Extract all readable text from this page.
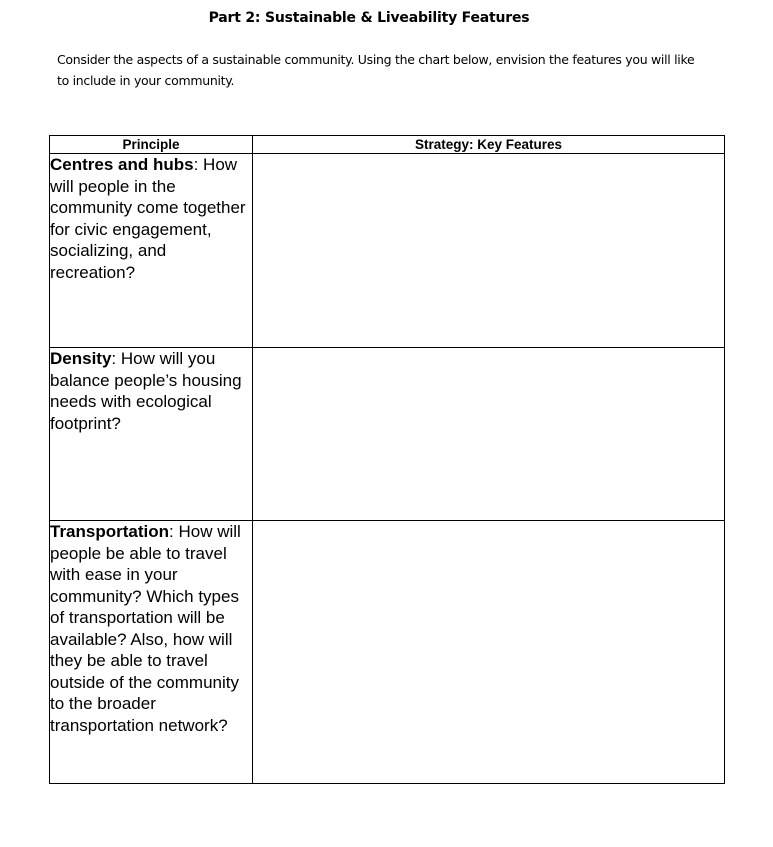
Part 2: Sustainable & Liveability Features

Consider the aspects of a sustainable community. Using the chart below, envision the features you will like to include in your community.

Principle	Strategy: Key Features
Centres and hubs: How will people in the community come together for civic engagement, socializing, and recreation?	
Density: How will you balance people’s housing needs with ecological footprint?	
Transportation: How will people be able to travel with ease in your community? Which types of transportation will be available? Also, how will they be able to travel outside of the community to the broader transportation network?	
